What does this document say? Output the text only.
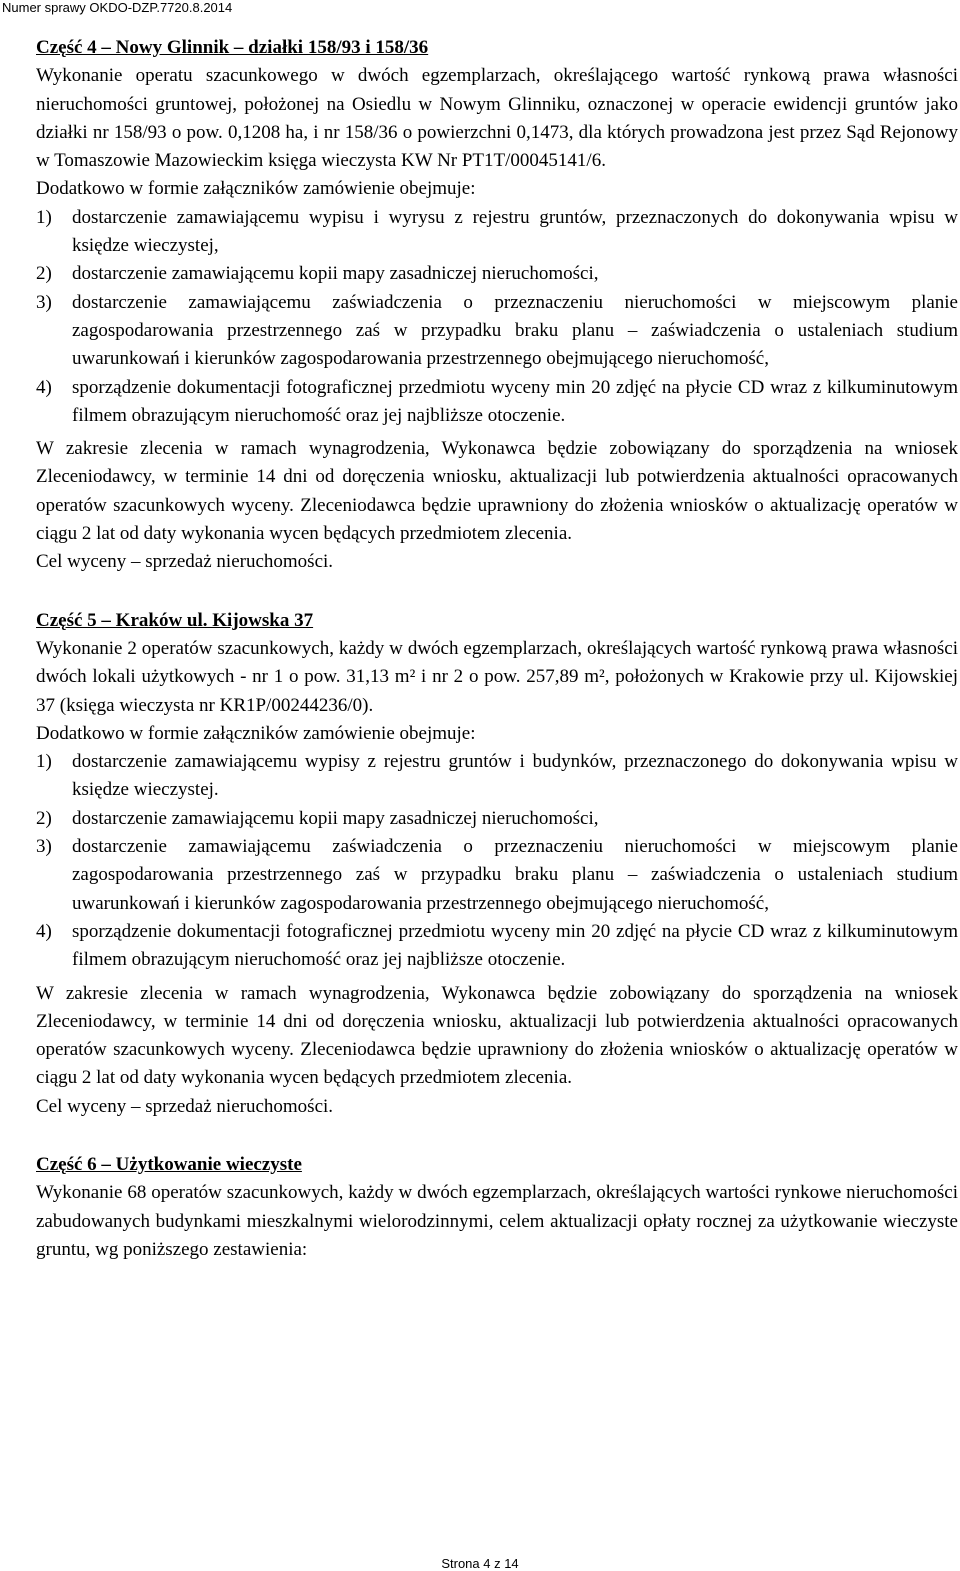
Numer sprawy OKDO-DZP.7720.8.2014

Część 4 – Nowy Glinnik – działki 158/93 i 158/36

Wykonanie operatu szacunkowego w dwóch egzemplarzach, określającego wartość rynkową prawa własności nieruchomości gruntowej, położonej na Osiedlu w Nowym Glinniku, oznaczonej w operacie ewidencji gruntów jako działki nr 158/93 o pow. 0,1208 ha, i nr 158/36 o powierzchni 0,1473, dla których prowadzona jest przez Sąd Rejonowy w Tomaszowie Mazowieckim księga wieczysta KW Nr PT1T/00045141/6.

Dodatkowo w formie załączników zamówienie obejmuje:

1) dostarczenie zamawiającemu wypisu i wyrysu z rejestru gruntów, przeznaczonych do dokonywania wpisu w księdze wieczystej,
2) dostarczenie zamawiającemu kopii mapy zasadniczej nieruchomości,
3) dostarczenie zamawiającemu zaświadczenia o przeznaczeniu nieruchomości w miejscowym planie zagospodarowania przestrzennego zaś w przypadku braku planu – zaświadczenia o ustaleniach studium uwarunkowań i kierunków zagospodarowania przestrzennego obejmującego nieruchomość,
4) sporządzenie dokumentacji fotograficznej przedmiotu wyceny min 20 zdjęć na płycie CD wraz z kilkuminutowym filmem obrazującym nieruchomość oraz jej najbliższe otoczenie.

W zakresie zlecenia w ramach wynagrodzenia, Wykonawca będzie zobowiązany do sporządzenia na wniosek Zleceniodawcy, w terminie 14 dni od doręczenia wniosku, aktualizacji lub potwierdzenia aktualności opracowanych operatów szacunkowych wyceny. Zleceniodawca będzie uprawniony do złożenia wniosków o aktualizację operatów w ciągu 2 lat od daty wykonania wycen będących przedmiotem zlecenia.

Cel wyceny – sprzedaż nieruchomości.

Część 5 – Kraków ul. Kijowska 37

Wykonanie 2 operatów szacunkowych, każdy w dwóch egzemplarzach, określających wartość rynkową prawa własności dwóch lokali użytkowych - nr 1 o pow. 31,13 m² i nr 2 o pow. 257,89 m², położonych w Krakowie przy ul. Kijowskiej 37 (księga wieczysta nr KR1P/00244236/0).

Dodatkowo w formie załączników zamówienie obejmuje:

1) dostarczenie zamawiającemu wypisy z rejestru gruntów i budynków, przeznaczonego do dokonywania wpisu w księdze wieczystej.
2) dostarczenie zamawiającemu kopii mapy zasadniczej nieruchomości,
3) dostarczenie zamawiającemu zaświadczenia o przeznaczeniu nieruchomości w miejscowym planie zagospodarowania przestrzennego zaś w przypadku braku planu – zaświadczenia o ustaleniach studium uwarunkowań i kierunków zagospodarowania przestrzennego obejmującego nieruchomość,
4) sporządzenie dokumentacji fotograficznej przedmiotu wyceny min 20 zdjęć na płycie CD wraz z kilkuminutowym filmem obrazującym nieruchomość oraz jej najbliższe otoczenie.

W zakresie zlecenia w ramach wynagrodzenia, Wykonawca będzie zobowiązany do sporządzenia na wniosek Zleceniodawcy, w terminie 14 dni od doręczenia wniosku, aktualizacji lub potwierdzenia aktualności opracowanych operatów szacunkowych wyceny. Zleceniodawca będzie uprawniony do złożenia wniosków o aktualizację operatów w ciągu 2 lat od daty wykonania wycen będących przedmiotem zlecenia.

Cel wyceny – sprzedaż nieruchomości.

Część 6 – Użytkowanie wieczyste

Wykonanie 68 operatów szacunkowych, każdy w dwóch egzemplarzach, określających wartości rynkowe nieruchomości zabudowanych budynkami mieszkalnymi wielorodzinnymi, celem aktualizacji opłaty rocznej za użytkowanie wieczyste gruntu, wg poniższego zestawienia:

Strona 4 z 14
